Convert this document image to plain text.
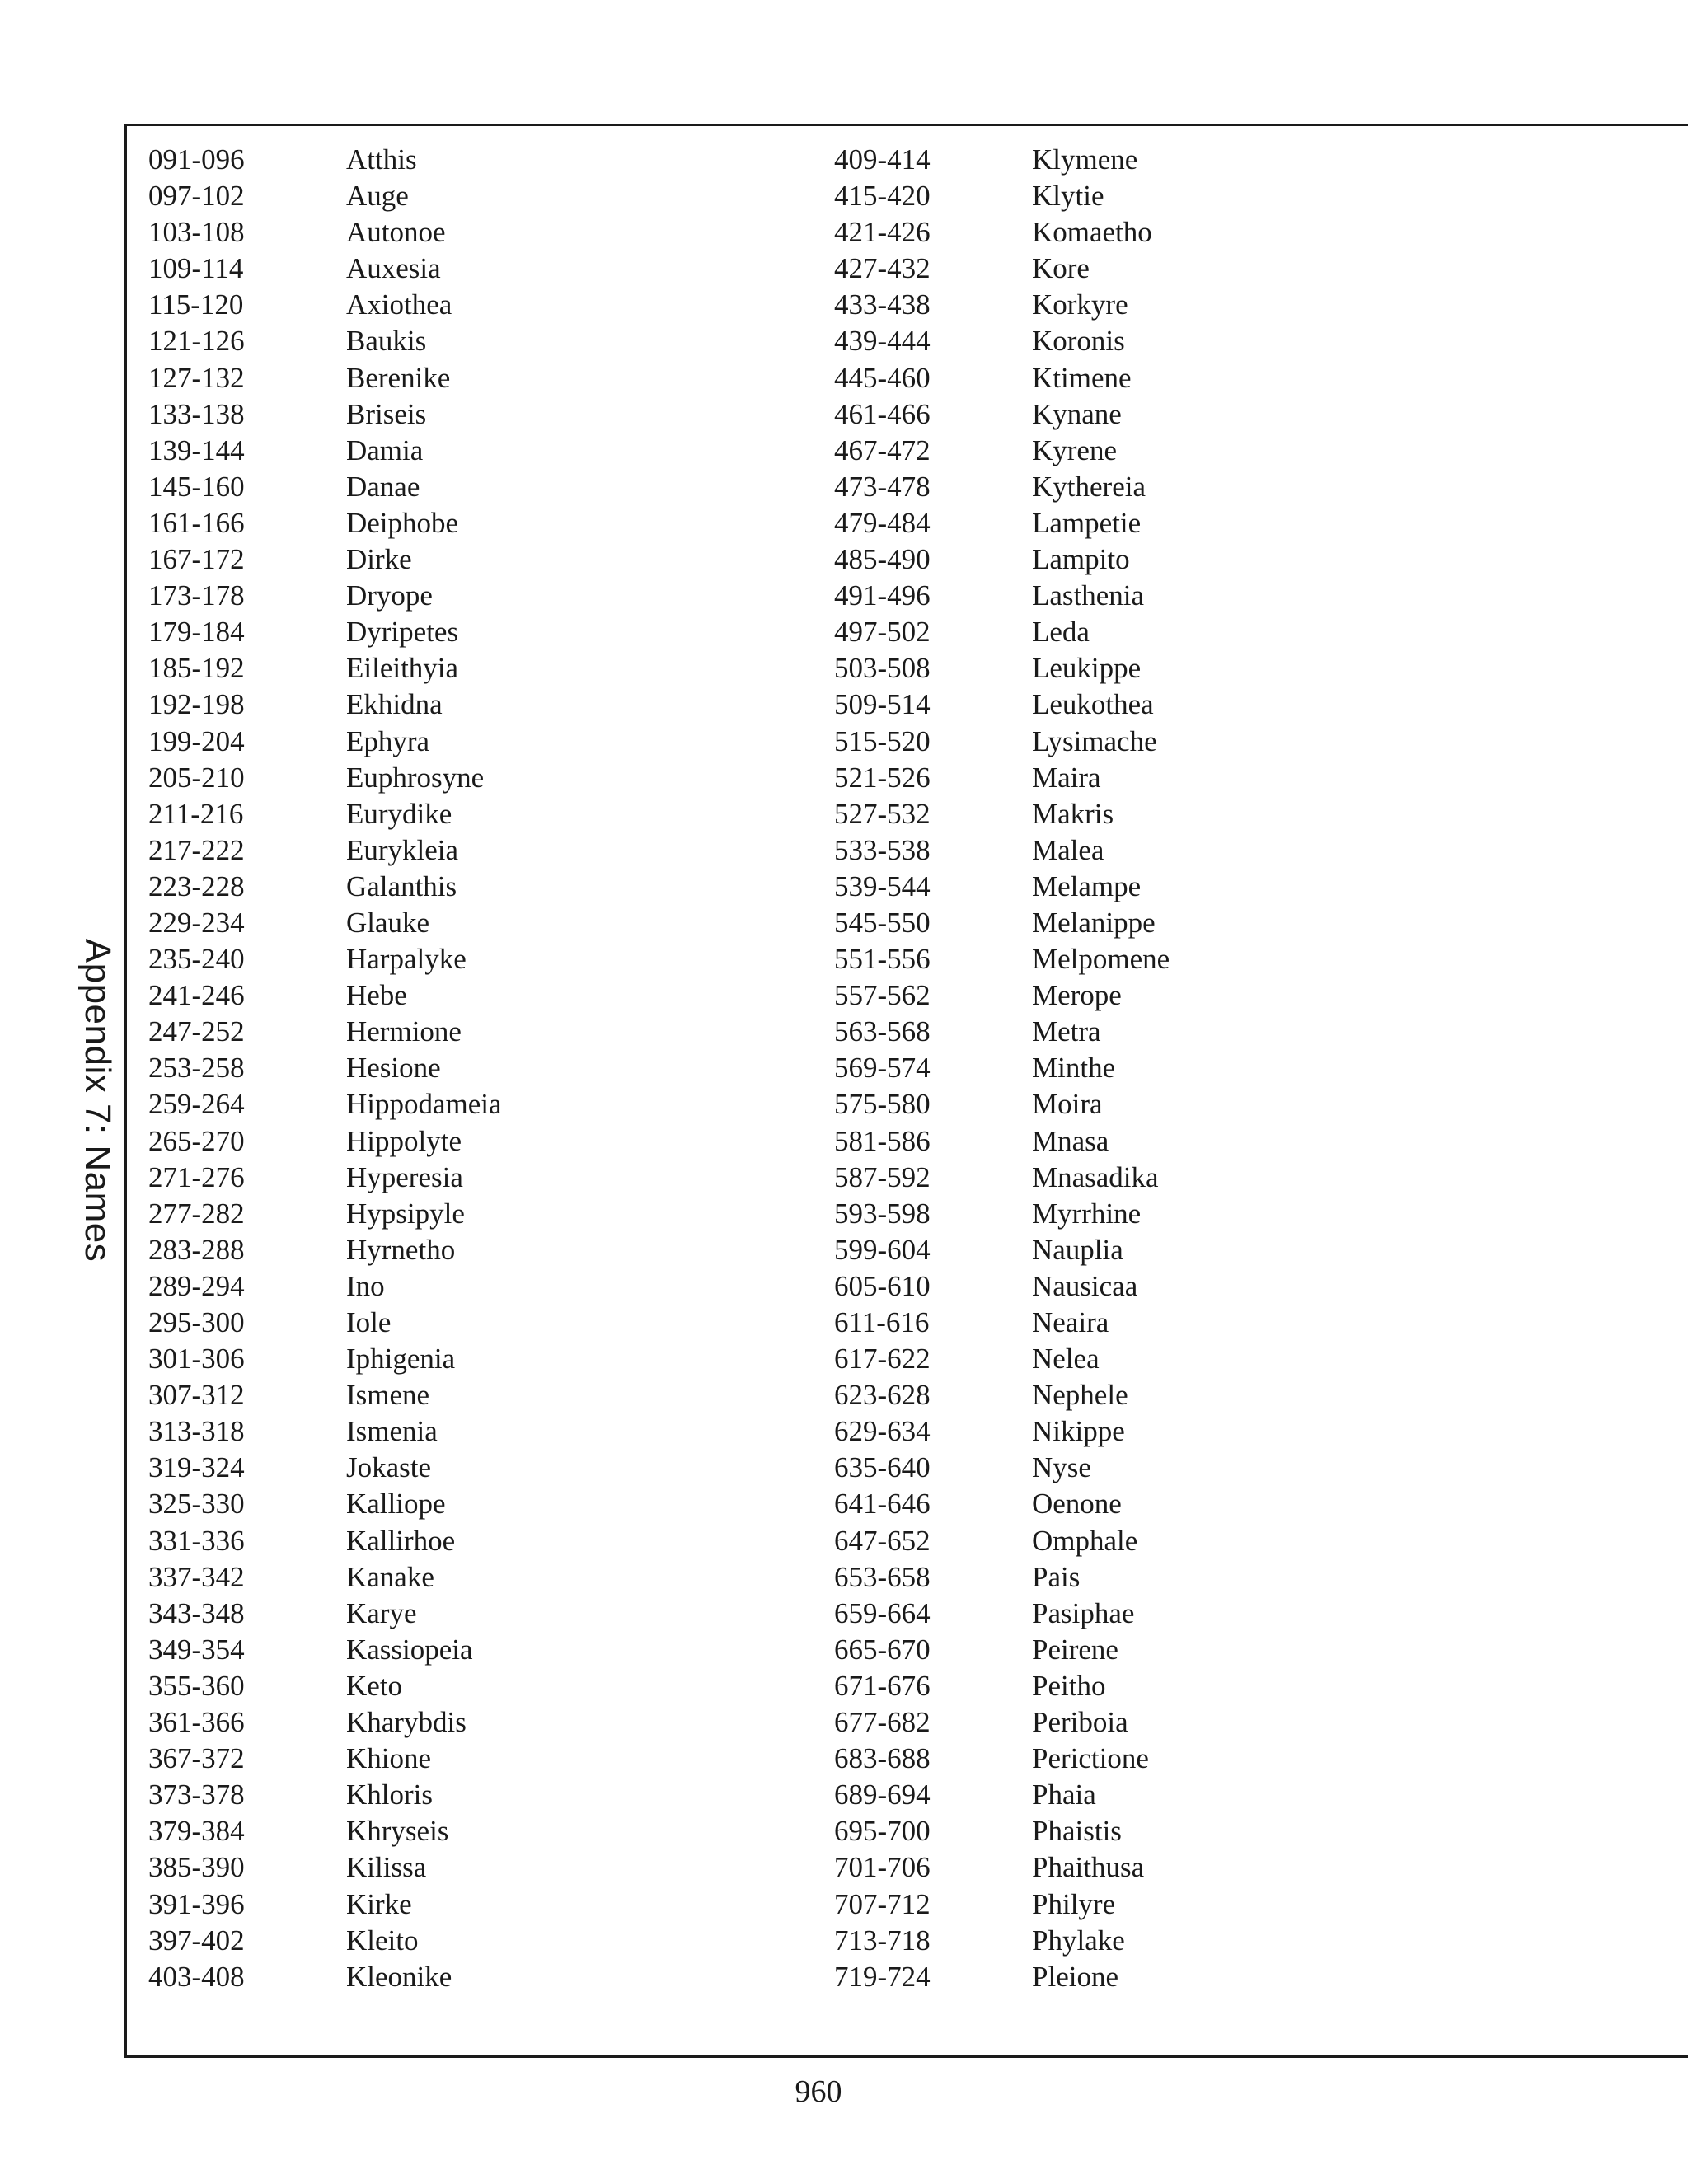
Appendix 7: Names
091-096	Atthis
097-102	Auge
103-108	Autonoe
109-114	Auxesia
115-120	Axiothea
121-126	Baukis
127-132	Berenike
133-138	Briseis
139-144	Damia
145-160	Danae
161-166	Deiphobe
167-172	Dirke
173-178	Dryope
179-184	Dyripetes
185-192	Eileithyia
192-198	Ekhidna
199-204	Ephyra
205-210	Euphrosyne
211-216	Eurydike
217-222	Eurykleia
223-228	Galanthis
229-234	Glauke
235-240	Harpalyke
241-246	Hebe
247-252	Hermione
253-258	Hesione
259-264	Hippodameia
265-270	Hippolyte
271-276	Hyperesia
277-282	Hypsipyle
283-288	Hyrnetho
289-294	Ino
295-300	Iole
301-306	Iphigenia
307-312	Ismene
313-318	Ismenia
319-324	Jokaste
325-330	Kalliope
331-336	Kallirhoe
337-342	Kanake
343-348	Karye
349-354	Kassiopeia
355-360	Keto
361-366	Kharybdis
367-372	Khione
373-378	Khloris
379-384	Khryseis
385-390	Kilissa
391-396	Kirke
397-402	Kleito
403-408	Kleonike
409-414	Klymene
415-420	Klytie
421-426	Komaetho
427-432	Kore
433-438	Korkyre
439-444	Koronis
445-460	Ktimene
461-466	Kynane
467-472	Kyrene
473-478	Kythereia
479-484	Lampetie
485-490	Lampito
491-496	Lasthenia
497-502	Leda
503-508	Leukippe
509-514	Leukothea
515-520	Lysimache
521-526	Maira
527-532	Makris
533-538	Malea
539-544	Melampe
545-550	Melanippe
551-556	Melpomene
557-562	Merope
563-568	Metra
569-574	Minthe
575-580	Moira
581-586	Mnasa
587-592	Mnasadika
593-598	Myrrhine
599-604	Nauplia
605-610	Nausicaa
611-616	Neaira
617-622	Nelea
623-628	Nephele
629-634	Nikippe
635-640	Nyse
641-646	Oenone
647-652	Omphale
653-658	Pais
659-664	Pasiphae
665-670	Peirene
671-676	Peitho
677-682	Periboia
683-688	Perictione
689-694	Phaia
695-700	Phaistis
701-706	Phaithusa
707-712	Philyre
713-718	Phylake
719-724	Pleione
960
